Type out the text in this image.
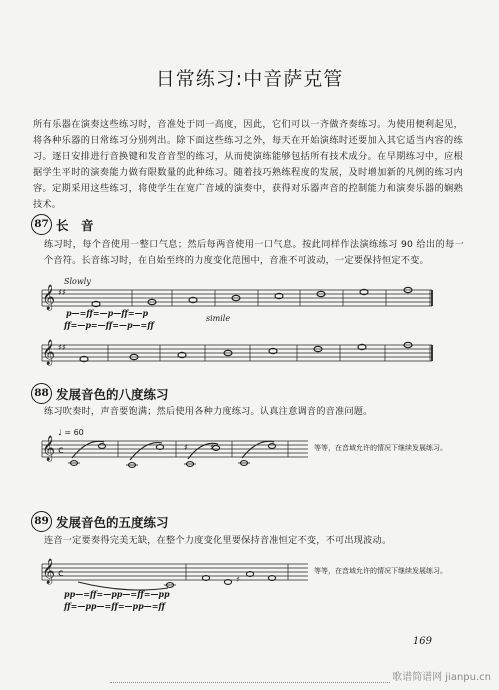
日常练习:中音萨克管
所有乐器在演奏这些练习时，音准处于同一高度，因此，它们可以一齐做齐奏练习。为使用便利起见，将各种乐器的日常练习分别列出。除下面这些练习之外，每天在开始演练时还要加入其它适当内容的练习。逐日安排进行音换键和发音音型的练习，从而使演练能够包括所有技术成分。在早期练习中，应根据学生平时的演奏能力做有限数量的此种练习。随着技巧熟练程度的发展，及时增加新的凡例的练习内容。定期采用这些练习，将使学生在宽广音域的演奏中，获得对乐器声音的控制能力和演奏乐器的娴熟技术。
87 长　音
练习时，每个音使用一整口气息；然后每两音使用一口气息。按此同样作法演练练习 90 给出的每一个音符。长音练习时，在自始至终的力度变化范围中，音准不可波动，一定要保持恒定不变。
Slowly
𝄞 ♯♯
p—=ff=—p—ff=—p
ff=—p=—ff=—p—=ff
simile
𝄞 ♯♯
88 发展音色的八度练习
练习吹奏时，声音要饱满；然后使用各种力度练习。认真注意调音的音准问题。
♩ = 60
𝄞 c	♯	♯	等等，在音域允许的情况下继续发展练习。
89 发展音色的五度练习
连音一定要奏得完美无缺，在整个力度变化里要保持音准恒定不变，不可出现波动。
𝄞 c
♯
等等，在音域允许的情况下继续发展练习。
pp—=ff=—pp—=ff=—pp
ff=—pp—=ff=—pp—=ff
169
歌谱简谱网 jianpu.cn
